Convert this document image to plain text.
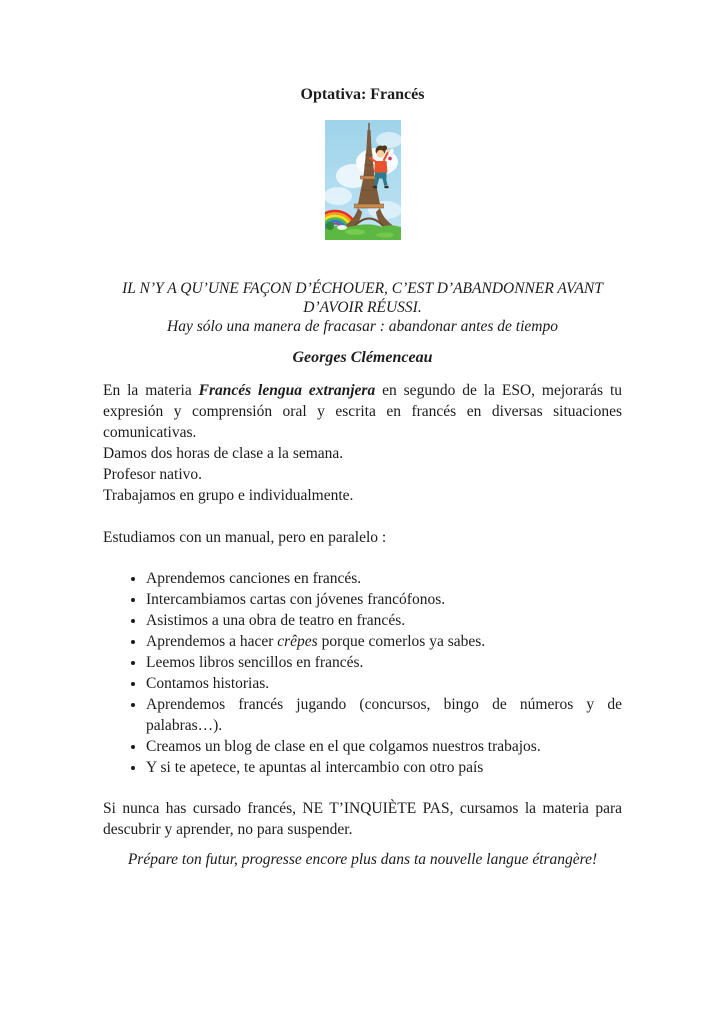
Optativa: Francés

IL N’Y A QU’UNE FAÇON D’ÉCHOUER, C’EST D’ABANDONNER AVANT D’AVOIR RÉUSSI.

Hay sólo una manera de fracasar : abandonar antes de tiempo

Georges Clémenceau

En la materia Francés lengua extranjera en segundo de la ESO, mejorarás tu expresión y comprensión oral y escrita en francés en diversas situaciones comunicativas.

Damos dos horas de clase a la semana.

Profesor nativo.

Trabajamos en grupo e individualmente.

Estudiamos con un manual, pero en paralelo :

• Aprendemos canciones en francés.
• Intercambiamos cartas con jóvenes francófonos.
• Asistimos a una obra de teatro en francés.
• Aprendemos a hacer crêpes porque comerlos ya sabes.
• Leemos libros sencillos en francés.
• Contamos historias.
• Aprendemos francés jugando (concursos, bingo de números y de palabras…).
• Creamos un blog de clase en el que colgamos nuestros trabajos.
• Y si te apetece, te apuntas al intercambio con otro país

Si nunca has cursado francés, NE T’INQUIÈTE PAS, cursamos la materia para descubrir y aprender, no para suspender.

Prépare ton futur, progresse encore plus dans ta nouvelle langue étrangère!
